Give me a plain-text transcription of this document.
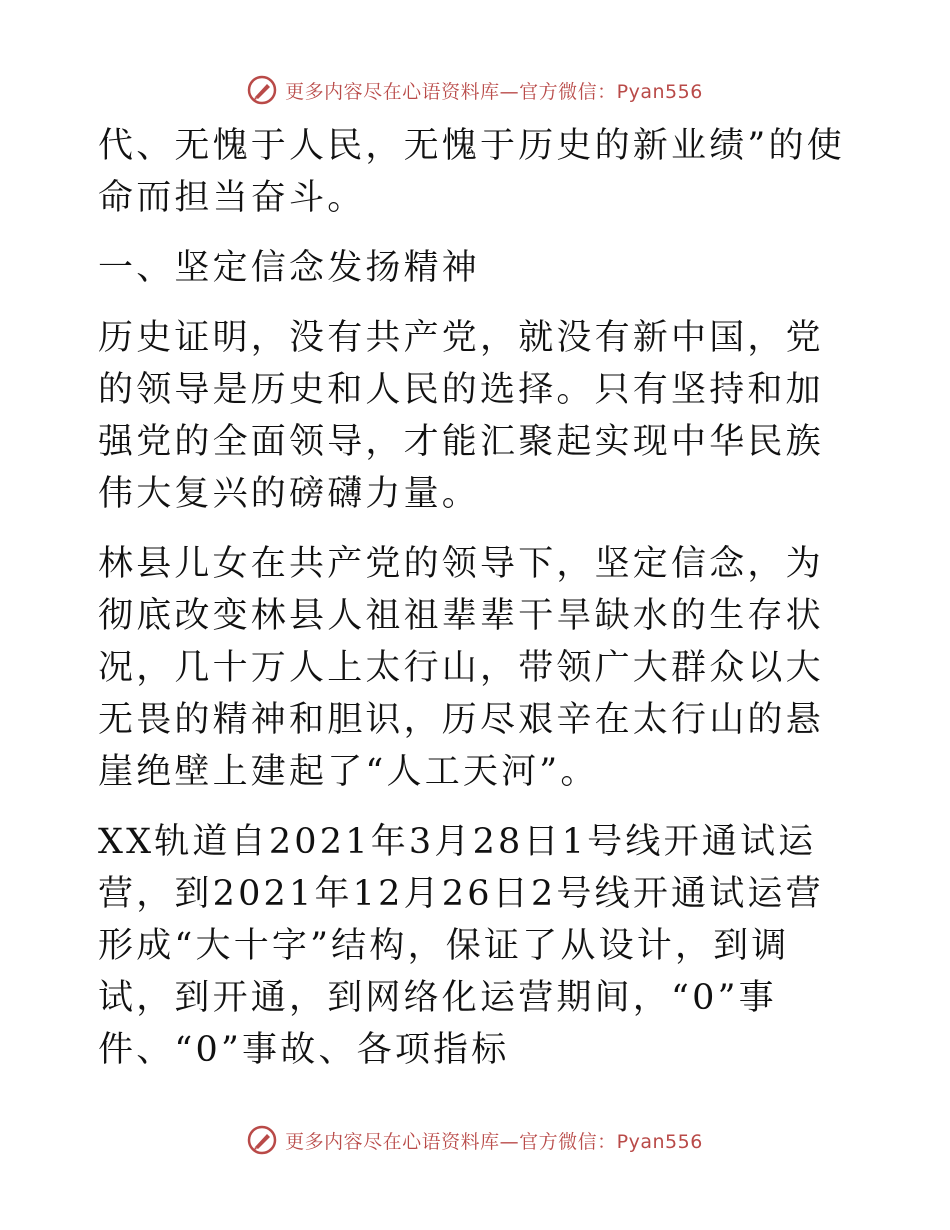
更多内容尽在心语资料库—官方微信：Pyan556

代、无愧于人民，无愧于历史的新业绩”的使命而担当奋斗。

一、坚定信念发扬精神

历史证明，没有共产党，就没有新中国，党的领导是历史和人民的选择。只有坚持和加强党的全面领导，才能汇聚起实现中华民族伟大复兴的磅礴力量。

林县儿女在共产党的领导下，坚定信念，为彻底改变林县人祖祖辈辈干旱缺水的生存状况，几十万人上太行山，带领广大群众以大无畏的精神和胆识，历尽艰辛在太行山的悬崖绝壁上建起了“人工天河”。

XX轨道自2021年3月28日1号线开通试运营，到2021年12月26日2号线开通试运营形成“大十字”结构，保证了从设计，到调试，到开通，到网络化运营期间，“0”事件、“0”事故、各项指标

更多内容尽在心语资料库—官方微信：Pyan556
